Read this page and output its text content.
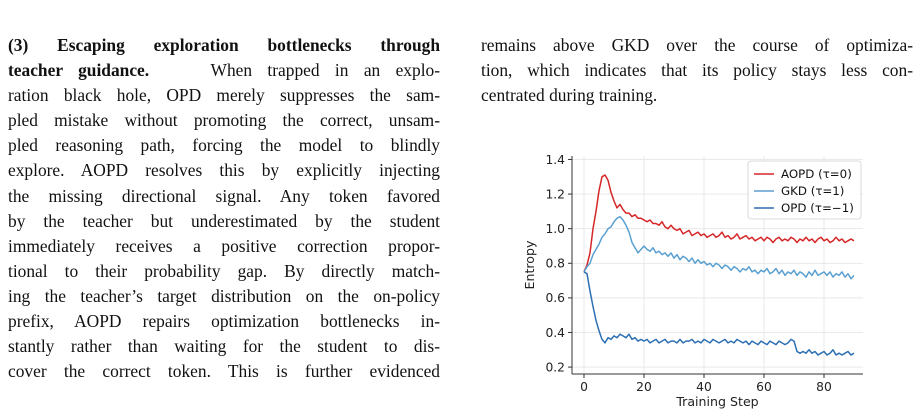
(3) Escaping exploration bottlenecks through
teacher guidance.	When trapped in an explo-
ration black hole, OPD merely suppresses the sam-
pled mistake without promoting the correct, unsam-
pled reasoning path, forcing the model to blindly
explore. AOPD resolves this by explicitly injecting
the missing directional signal. Any token favored
by the teacher but underestimated by the student
immediately receives a positive correction propor-
tional to their probability gap. By directly match-
ing the teacher’s target distribution on the on-policy
prefix, AOPD repairs optimization bottlenecks in-
stantly rather than waiting for the student to dis-
cover the correct token. This is further evidenced
remains above GKD over the course of optimiza-
tion, which indicates that its policy stays less con-
centrated during training.
0.2
0.4
0.6
0.8
1.0
1.2
1.4
0	20	40	60	80
Training Step
Entropy
AOPD (τ=0)
GKD (τ=1)
OPD (τ=−1)
